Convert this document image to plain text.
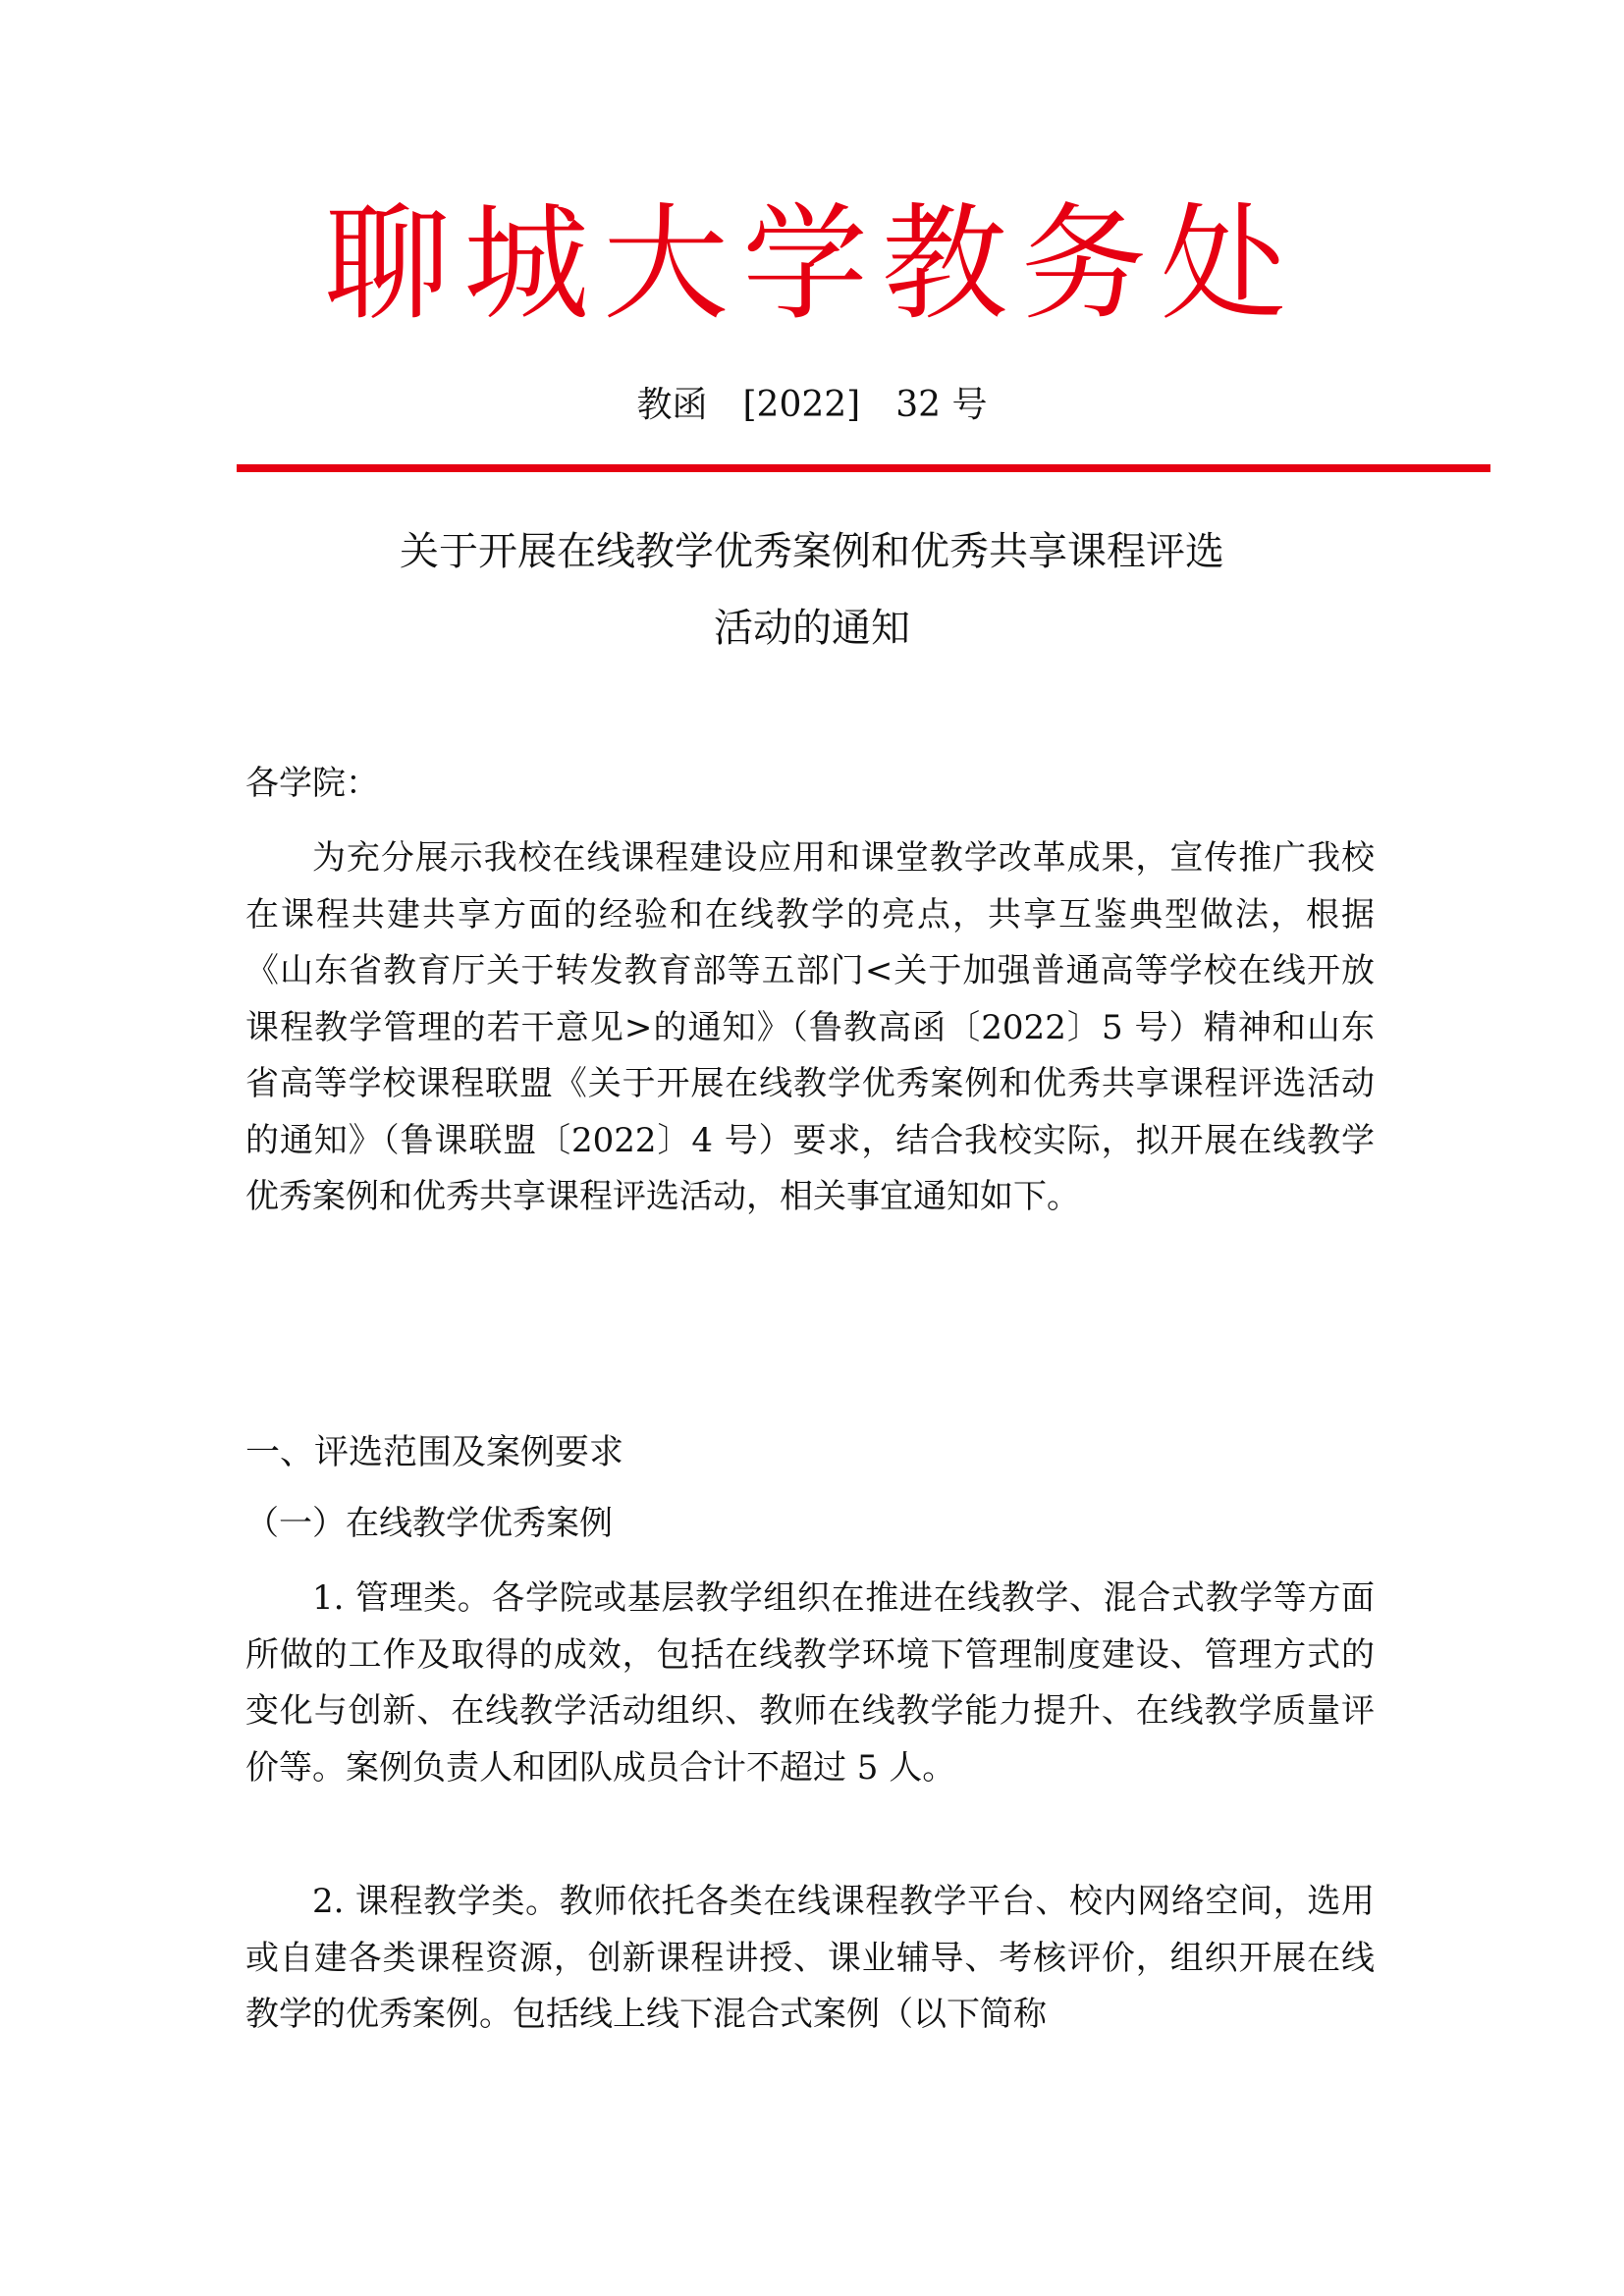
聊城大学教务处
教函　[2022]　32 号
关于开展在线教学优秀案例和优秀共享课程评选
活动的通知
各学院：
为充分展示我校在线课程建设应用和课堂教学改革成果，宣传推广我校在课程共建共享方面的经验和在线教学的亮点，共享互鉴典型做法，根据《山东省教育厅关于转发教育部等五部门<关于加强普通高等学校在线开放课程教学管理的若干意见>的通知》（鲁教高函〔2022〕5 号）精神和山东省高等学校课程联盟《关于开展在线教学优秀案例和优秀共享课程评选活动的通知》（鲁课联盟〔2022〕4 号）要求，结合我校实际，拟开展在线教学优秀案例和优秀共享课程评选活动，相关事宜通知如下。
一、评选范围及案例要求
（一）在线教学优秀案例
1. 管理类。各学院或基层教学组织在推进在线教学、混合式教学等方面所做的工作及取得的成效，包括在线教学环境下管理制度建设、管理方式的变化与创新、在线教学活动组织、教师在线教学能力提升、在线教学质量评价等。案例负责人和团队成员合计不超过 5 人。
2. 课程教学类。教师依托各类在线课程教学平台、校内网络空间，选用或自建各类课程资源，创新课程讲授、课业辅导、考核评价，组织开展在线教学的优秀案例。包括线上线下混合式案例（以下简称
